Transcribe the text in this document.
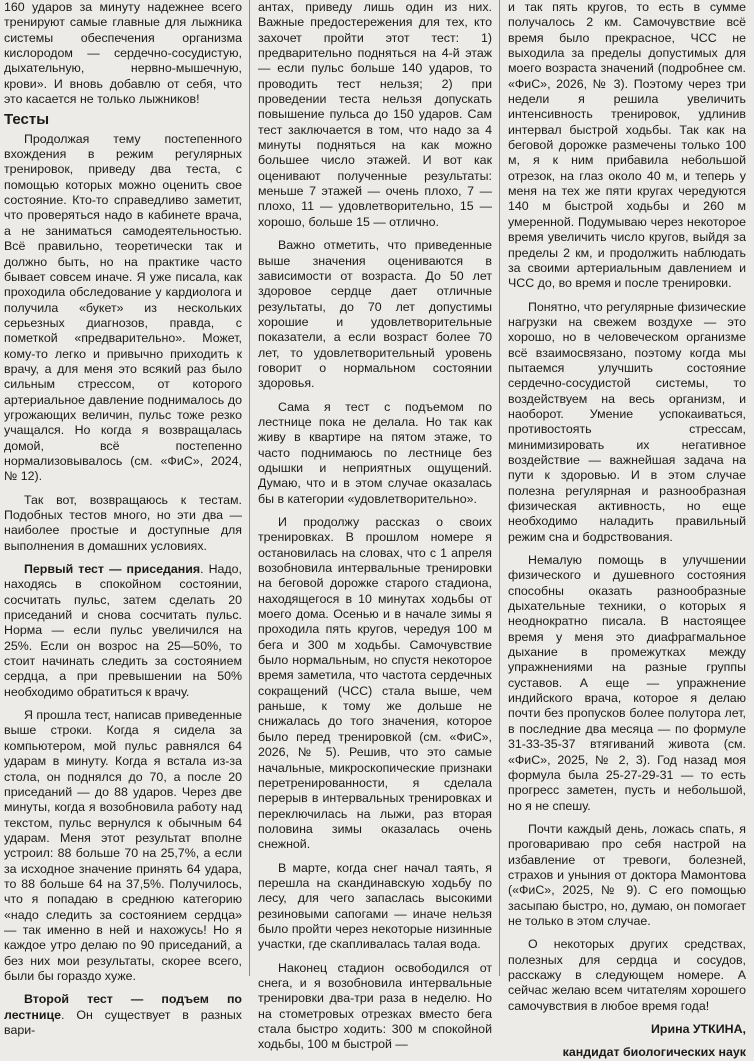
160 ударов за минуту надежнее всего тренируют самые главные для лыжника системы обеспечения организма кислородом — сердечно-сосудистую, дыхательную, нервно-мышечную, крови». И вновь добавлю от себя, что это касается не только лыжников!

Тесты

Продолжая тему постепенного вхождения в режим регулярных тренировок, приведу два теста, с помощью которых можно оценить свое состояние. Кто-то справедливо заметит, что проверяться надо в кабинете врача, а не заниматься самодеятельностью. Всё правильно, теоретически так и должно быть, но на практике часто бывает совсем иначе. Я уже писала, как проходила обследование у кардиолога и получила «букет» из нескольких серьезных диагнозов, правда, с пометкой «предварительно». Может, кому-то легко и привычно приходить к врачу, а для меня это всякий раз было сильным стрессом, от которого артериальное давление поднималось до угрожающих величин, пульс тоже резко учащался. Но когда я возвращалась домой, всё постепенно нормализовывалось (см. «ФиС», 2024, № 12).

Так вот, возвращаюсь к тестам. Подобных тестов много, но эти два — наиболее простые и доступные для выполнения в домашних условиях.

Первый тест — приседания. Надо, находясь в спокойном состоянии, сосчитать пульс, затем сделать 20 приседаний и снова сосчитать пульс. Норма — если пульс увеличился на 25%. Если он возрос на 25—50%, то стоит начинать следить за состоянием сердца, а при превышении на 50% необходимо обратиться к врачу.

Я прошла тест, написав приведенные выше строки. Когда я сидела за компьютером, мой пульс равнялся 64 ударам в минуту. Когда я встала из-за стола, он поднялся до 70, а после 20 приседаний — до 88 ударов. Через две минуты, когда я возобновила работу над текстом, пульс вернулся к обычным 64 ударам. Меня этот результат вполне устроил: 88 больше 70 на 25,7%, а если за исходное значение принять 64 удара, то 88 больше 64 на 37,5%. Получилось, что я попадаю в среднюю категорию «надо следить за состоянием сердца» — так именно в ней и нахожусь! Но я каждое утро делаю по 90 приседаний, а без них мои результаты, скорее всего, были бы гораздо хуже.

Второй тест — подъем по лестнице. Он существует в разных вари-

антах, приведу лишь один из них. Важные предостережения для тех, кто захочет пройти этот тест: 1) предварительно подняться на 4-й этаж — если пульс больше 140 ударов, то проводить тест нельзя; 2) при проведении теста нельзя допускать повышение пульса до 150 ударов. Сам тест заключается в том, что надо за 4 минуты подняться на как можно большее число этажей. И вот как оценивают полученные результаты: меньше 7 этажей — очень плохо, 7 — плохо, 11 — удовлетворительно, 15 — хорошо, больше 15 — отлично.

Важно отметить, что приведенные выше значения оцениваются в зависимости от возраста. До 50 лет здоровое сердце дает отличные результаты, до 70 лет допустимы хорошие и удовлетворительные показатели, а если возраст более 70 лет, то удовлетворительный уровень говорит о нормальном состоянии здоровья.

Сама я тест с подъемом по лестнице пока не делала. Но так как живу в квартире на пятом этаже, то часто поднимаюсь по лестнице без одышки и неприятных ощущений. Думаю, что и в этом случае оказалась бы в категории «удовлетворительно».

И продолжу рассказ о своих тренировках. В прошлом номере я остановилась на словах, что с 1 апреля возобновила интервальные тренировки на беговой дорожке старого стадиона, находящегося в 10 минутах ходьбы от моего дома. Осенью и в начале зимы я проходила пять кругов, чередуя 100 м бега и 300 м ходьбы. Самочувствие было нормальным, но спустя некоторое время заметила, что частота сердечных сокращений (ЧСС) стала выше, чем раньше, к тому же дольше не снижалась до того значения, которое было перед тренировкой (см. «ФиС», 2026, № 5). Решив, что это самые начальные, микроскопические признаки перетренированности, я сделала перерыв в интервальных тренировках и переключилась на лыжи, раз вторая половина зимы оказалась очень снежной.

В марте, когда снег начал таять, я перешла на скандинавскую ходьбу по лесу, для чего запаслась высокими резиновыми сапогами — иначе нельзя было пройти через некоторые низинные участки, где скапливалась талая вода.

Наконец стадион освободился от снега, и я возобновила интервальные тренировки два-три раза в неделю. Но на стометровых отрезках вместо бега стала быстро ходить: 300 м спокойной ходьбы, 100 м быстрой —

и так пять кругов, то есть в сумме получалось 2 км. Самочувствие всё время было прекрасное, ЧСС не выходила за пределы допустимых для моего возраста значений (подробнее см. «ФиС», 2026, № 3). Поэтому через три недели я решила увеличить интенсивность тренировок, удлинив интервал быстрой ходьбы. Так как на беговой дорожке размечены только 100 м, я к ним прибавила небольшой отрезок, на глаз около 40 м, и теперь у меня на тех же пяти кругах чередуются 140 м быстрой ходьбы и 260 м умеренной. Подумываю через некоторое время увеличить число кругов, выйдя за пределы 2 км, и продолжить наблюдать за своими артериальным давлением и ЧСС до, во время и после тренировки.

Понятно, что регулярные физические нагрузки на свежем воздухе — это хорошо, но в человеческом организме всё взаимосвязано, поэтому когда мы пытаемся улучшить состояние сердечно-сосудистой системы, то воздействуем на весь организм, и наоборот. Умение успокаиваться, противостоять стрессам, минимизировать их негативное воздействие — важнейшая задача на пути к здоровью. И в этом случае полезна регулярная и разнообразная физическая активность, но еще необходимо наладить правильный режим сна и бодрствования.

Немалую помощь в улучшении физического и душевного состояния способны оказать разнообразные дыхательные техники, о которых я неоднократно писала. В настоящее время у меня это диафрагмальное дыхание в промежутках между упражнениями на разные группы суставов. А еще — упражнение индийского врача, которое я делаю почти без пропусков более полутора лет, в последние два месяца — по формуле 31-33-35-37 втягиваний живота (см. «ФиС», 2025, № 2, 3). Год назад моя формула была 25-27-29-31 — то есть прогресс заметен, пусть и небольшой, но я не спешу.

Почти каждый день, ложась спать, я проговариваю про себя настрой на избавление от тревоги, болезней, страхов и уныния от доктора Мамонтова («ФиС», 2025, № 9). С его помощью засыпаю быстро, но, думаю, он помогает не только в этом случае.

О некоторых других средствах, полезных для сердца и сосудов, расскажу в следующем номере. А сейчас желаю всем читателям хорошего самочувствия в любое время года!

Ирина УТКИНА,

кандидат биологических наук
